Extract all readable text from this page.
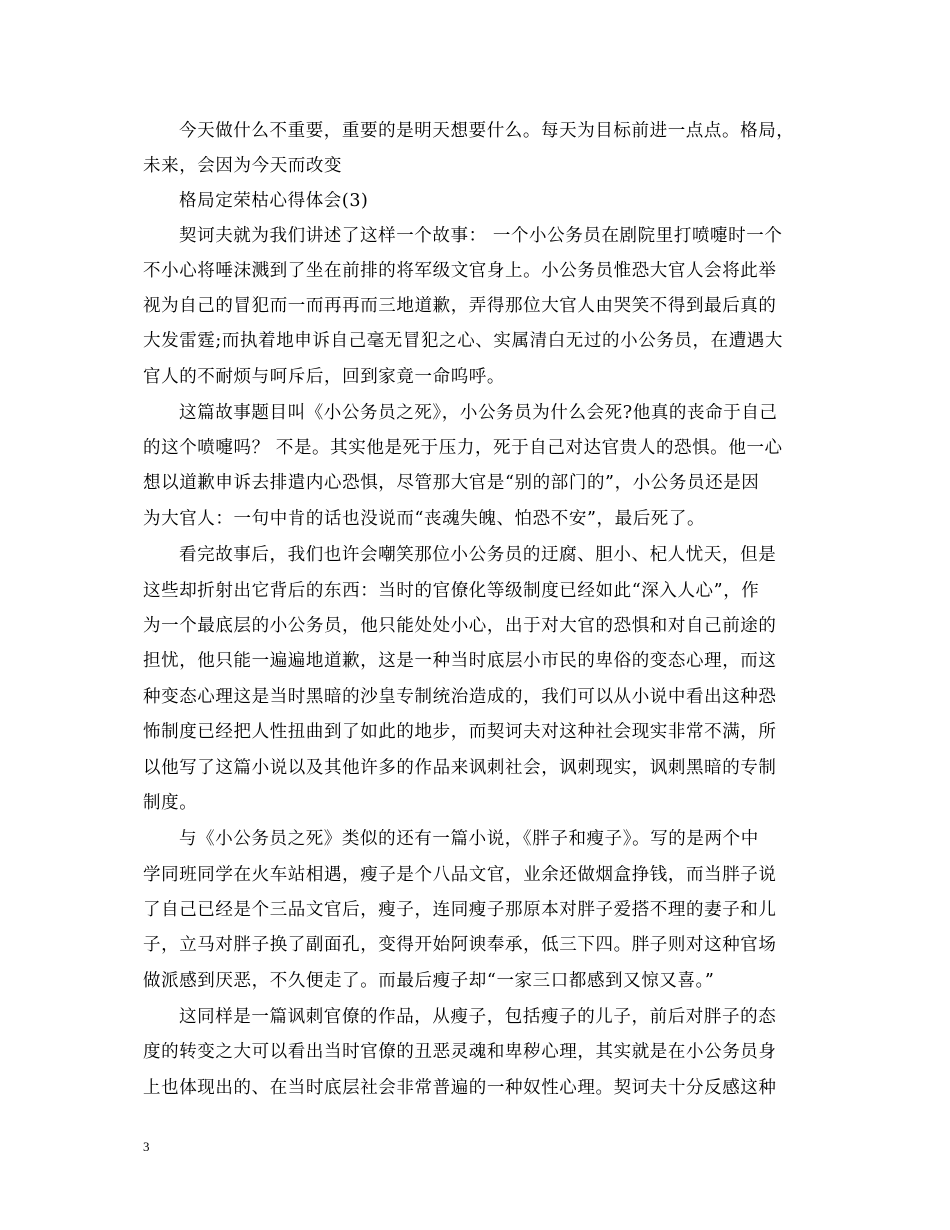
今天做什么不重要，重要的是明天想要什么。每天为目标前进一点点。格局，
未来，会因为今天而改变
格局定荣枯心得体会(3)
契诃夫就为我们讲述了这样一个故事： 一个小公务员在剧院里打喷嚏时一个
不小心将唾沫溅到了坐在前排的将军级文官身上。小公务员惟恐大官人会将此举
视为自己的冒犯而一而再再而三地道歉，弄得那位大官人由哭笑不得到最后真的
大发雷霆;而执着地申诉自己毫无冒犯之心、实属清白无过的小公务员，在遭遇大
官人的不耐烦与呵斥后，回到家竟一命呜呼。
这篇故事题目叫《小公务员之死》，小公务员为什么会死?他真的丧命于自己
的这个喷嚏吗？ 不是。其实他是死于压力，死于自己对达官贵人的恐惧。他一心
想以道歉申诉去排遣内心恐惧，尽管那大官是“别的部门的”，小公务员还是因
为大官人：一句中肯的话也没说而“丧魂失魄、怕恐不安”，最后死了。
看完故事后，我们也许会嘲笑那位小公务员的迂腐、胆小、杞人忧天，但是
这些却折射出它背后的东西：当时的官僚化等级制度已经如此“深入人心”，作
为一个最底层的小公务员，他只能处处小心，出于对大官的恐惧和对自己前途的
担忧，他只能一遍遍地道歉，这是一种当时底层小市民的卑俗的变态心理，而这
种变态心理这是当时黑暗的沙皇专制统治造成的，我们可以从小说中看出这种恐
怖制度已经把人性扭曲到了如此的地步，而契诃夫对这种社会现实非常不满，所
以他写了这篇小说以及其他许多的作品来讽刺社会，讽刺现实，讽刺黑暗的专制
制度。
与《小公务员之死》类似的还有一篇小说，《胖子和瘦子》。写的是两个中
学同班同学在火车站相遇，瘦子是个八品文官，业余还做烟盒挣钱，而当胖子说
了自己已经是个三品文官后，瘦子，连同瘦子那原本对胖子爱搭不理的妻子和儿
子，立马对胖子换了副面孔，变得开始阿谀奉承，低三下四。胖子则对这种官场
做派感到厌恶，不久便走了。而最后瘦子却“一家三口都感到又惊又喜。”
这同样是一篇讽刺官僚的作品，从瘦子，包括瘦子的儿子，前后对胖子的态
度的转变之大可以看出当时官僚的丑恶灵魂和卑秽心理，其实就是在小公务员身
上也体现出的、在当时底层社会非常普遍的一种奴性心理。契诃夫十分反感这种
3
